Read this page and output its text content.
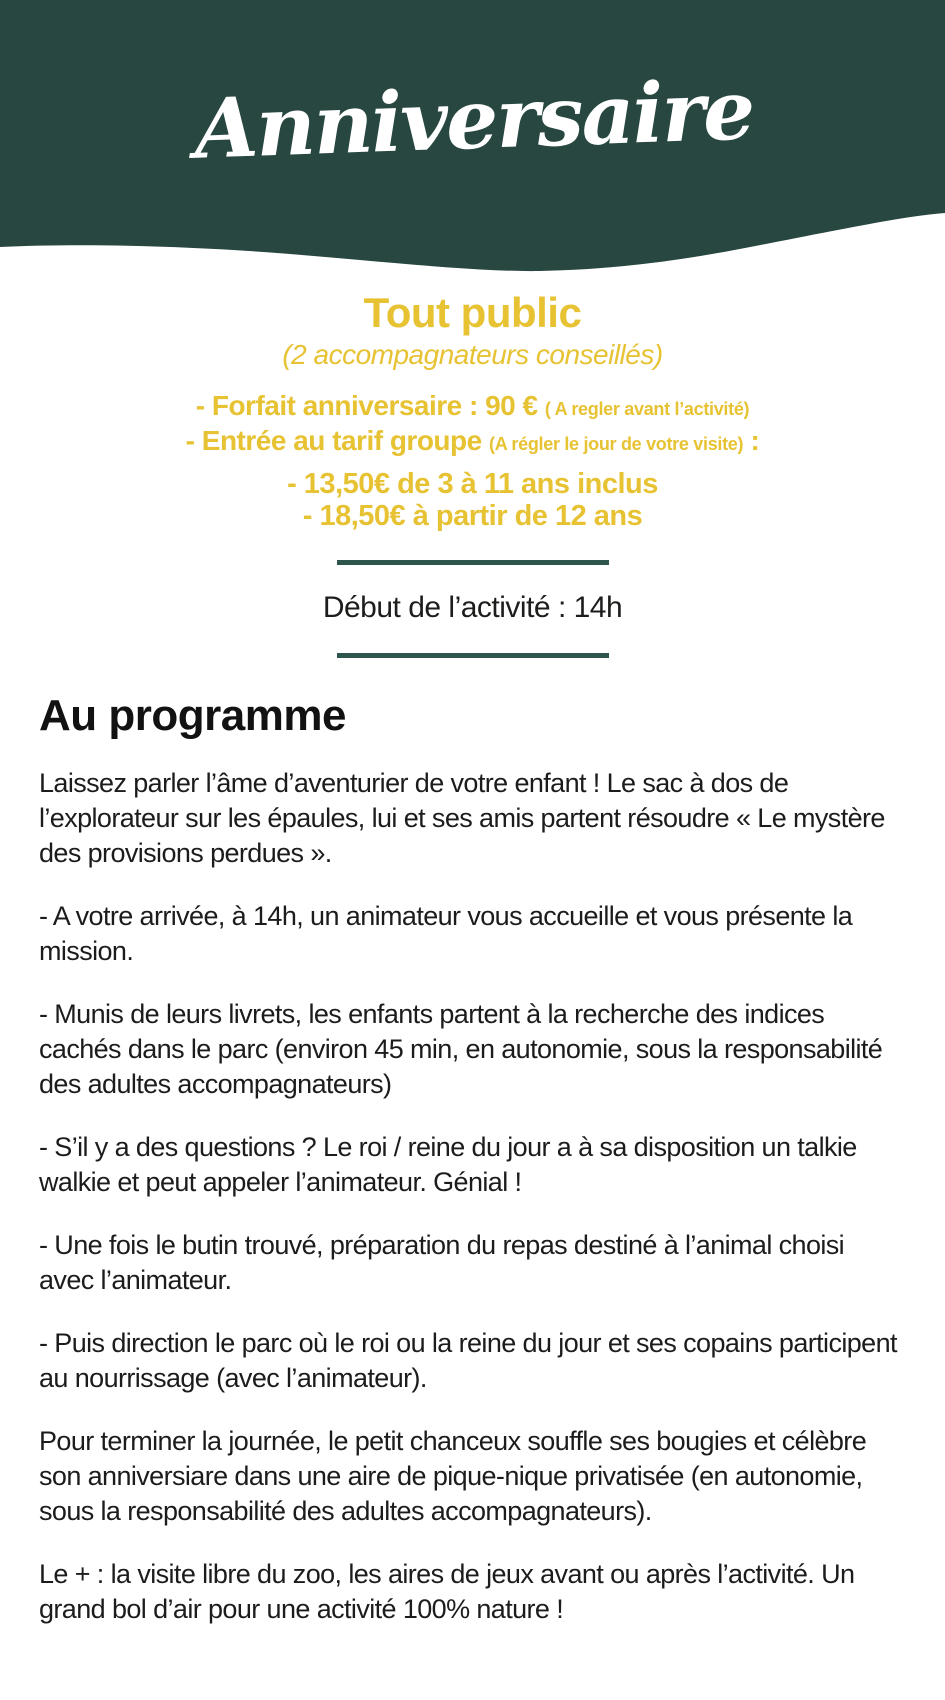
Anniversaire
Tout public

(2 accompagnateurs conseillés)

- Forfait anniversaire : 90 € ( A regler avant l’activité)

- Entrée au tarif groupe (A régler le jour de votre visite) :

- 13,50€ de 3 à 11 ans inclus

- 18,50€ à partir de 12 ans

Début de l’activité : 14h

Au programme

Laissez parler l’âme d’aventurier de votre enfant ! Le sac à dos de l’explorateur sur les épaules, lui et ses amis partent résoudre « Le mystère des provisions perdues ».

- A votre arrivée, à 14h, un animateur vous accueille et vous présente la mission.

- Munis de leurs livrets, les enfants partent à la recherche des indices cachés dans le parc (environ 45 min, en autonomie, sous la responsabilité des adultes accompagnateurs)

- S’il y a des questions ? Le roi / reine du jour a à sa disposition un talkie walkie et peut appeler l’animateur. Génial !

- Une fois le butin trouvé, préparation du repas destiné à l’animal choisi avec l’animateur.

- Puis direction le parc où le roi ou la reine du jour et ses copains participent au nourrissage (avec l’animateur).

Pour terminer la journée, le petit chanceux souffle ses bougies et célèbre son anniversiare dans une aire de pique-nique privatisée (en autonomie, sous la responsabilité des adultes accompagnateurs).

Le + : la visite libre du zoo, les aires de jeux avant ou après l’activité. Un grand bol d’air pour une activité 100% nature !
